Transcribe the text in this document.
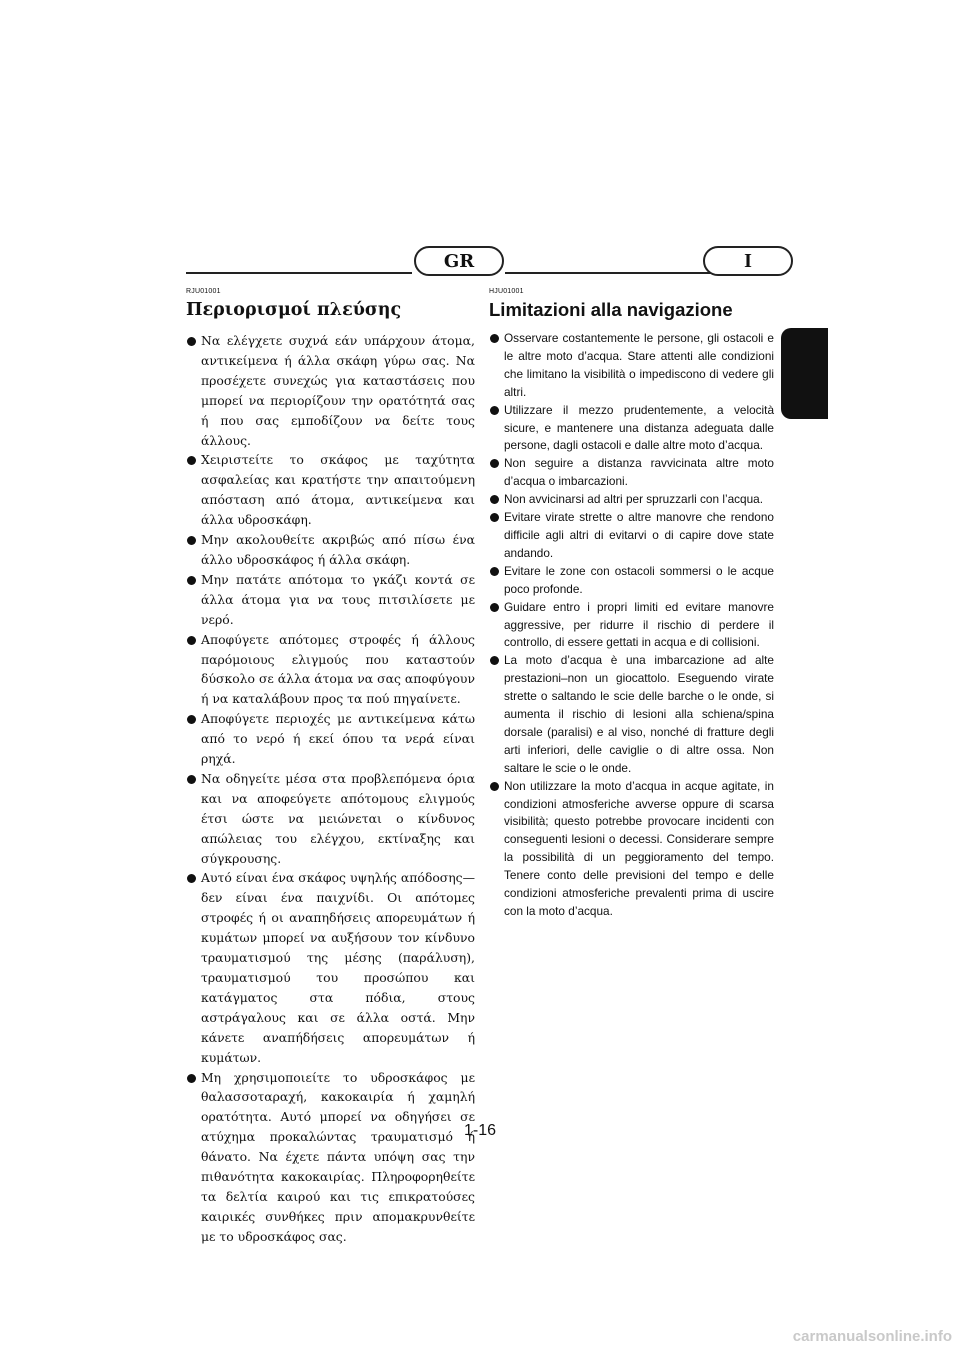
GR	I
RJU01001
Περιορισμοί πλεύσης
Να ελέγχετε συχνά εάν υπάρχουν άτομα, αντικείμενα ή άλλα σκάφη γύρω σας. Να προσέχετε συνεχώς για καταστάσεις που μπορεί να περιορίζουν την ορατότητά σας ή που σας εμποδίζουν να δείτε τους άλλους.
Χειριστείτε το σκάφος με ταχύτητα ασφαλείας και κρατήστε την απαιτούμενη απόσταση από άτομα, αντικείμενα και άλλα υδροσκάφη.
Μην ακολουθείτε ακριβώς από πίσω ένα άλλο υδροσκάφος ή άλλα σκάφη.
Μην πατάτε απότομα το γκάζι κοντά σε άλλα άτομα για να τους πιτσιλίσετε με νερό.
Αποφύγετε απότομες στροφές ή άλλους παρόμοιους ελιγμούς που καταστούν δύσκολο σε άλλα άτομα να σας αποφύγουν ή να καταλάβουν προς τα πού πηγαίνετε.
Αποφύγετε περιοχές με αντικείμενα κάτω από το νερό ή εκεί όπου τα νερά είναι ρηχά.
Να οδηγείτε μέσα στα προβλεπόμενα όρια και να αποφεύγετε απότομους ελιγμούς έτσι ώστε να μειώνεται ο κίνδυνος απώλειας του ελέγχου, εκτίναξης και σύγκρουσης.
Αυτό είναι ένα σκάφος υψηλής απόδοσης—δεν είναι ένα παιχνίδι. Οι απότομες στροφές ή οι αναπηδήσεις απορευμάτων ή κυμάτων μπορεί να αυξήσουν τον κίνδυνο τραυματισμού της μέσης (παράλυση), τραυματισμού του προσώπου και κατάγματος στα πόδια, στους αστράγαλους και σε άλλα οστά. Μην κάνετε αναπήδήσεις απορευμάτων ή κυμάτων.
Μη χρησιμοποιείτε το υδροσκάφος με θαλασσοταραχή, κακοκαιρία ή χαμηλή ορατότητα. Αυτό μπορεί να οδηγήσει σε ατύχημα προκαλώντας τραυματισμό ή θάνατο. Να έχετε πάντα υπόψη σας την πιθανότητα κακοκαιρίας. Πληροφορηθείτε τα δελτία καιρού και τις επικρατούσες καιρικές συνθήκες πριν απομακρυνθείτε με το υδροσκάφος σας.
HJU01001
Limitazioni alla navigazione
Osservare costantemente le persone, gli ostacoli e le altre moto d’acqua. Stare attenti alle condizioni che limitano la visibilità o impediscono di vedere gli altri.
Utilizzare il mezzo prudentemente, a velocità sicure, e mantenere una distanza adeguata dalle persone, dagli ostacoli e dalle altre moto d’acqua.
Non seguire a distanza ravvicinata altre moto d’acqua o imbarcazioni.
Non avvicinarsi ad altri per spruzzarli con l’acqua.
Evitare virate strette o altre manovre che rendono difficile agli altri di evitarvi o di capire dove state andando.
Evitare le zone con ostacoli sommersi o le acque poco profonde.
Guidare entro i propri limiti ed evitare manovre aggressive, per ridurre il rischio di perdere il controllo, di essere gettati in acqua e di collisioni.
La moto d’acqua è una imbarcazione ad alte prestazioni–non un giocattolo. Eseguendo virate strette o saltando le scie delle barche o le onde, si aumenta il rischio di lesioni alla schiena/spina dorsale (paralisi) e al viso, nonché di fratture degli arti inferiori, delle caviglie o di altre ossa. Non saltare le scie o le onde.
Non utilizzare la moto d’acqua in acque agitate, in condizioni atmosferiche avverse oppure di scarsa visibilità; questo potrebbe provocare incidenti con conseguenti lesioni o decessi. Considerare sempre la possibilità di un peggioramento del tempo. Tenere conto delle previsioni del tempo e delle condizioni atmosferiche prevalenti prima di uscire con la moto d’acqua.
1-16
carmanualsonline.info
